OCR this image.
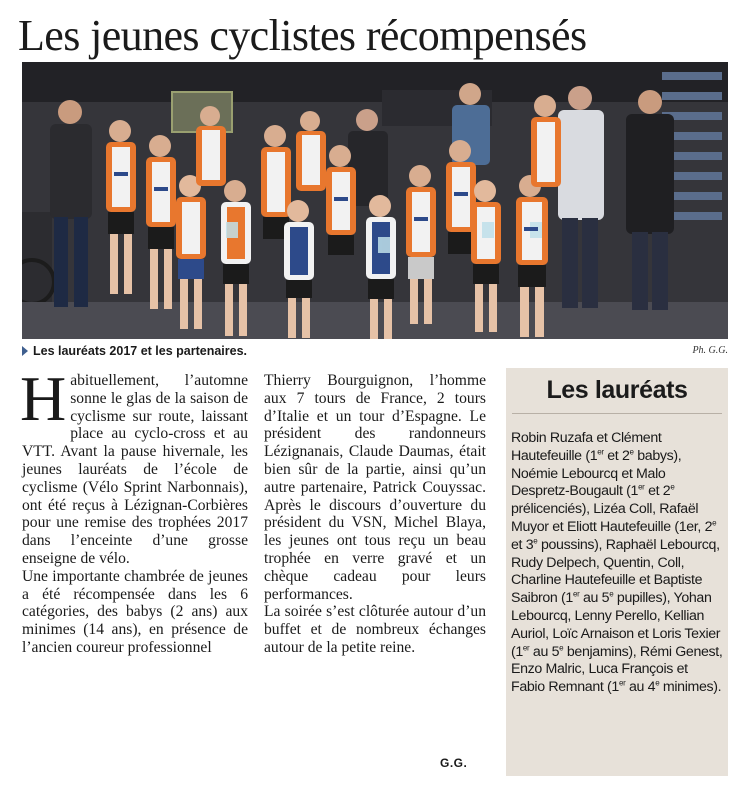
Les jeunes cyclistes récompensés
Les lauréats 2017 et les partenaires.	Ph. G.G.
H abituellement, l’automne sonne le glas de la saison de cyclisme sur route, laissant place au cyclo-cross et au VTT. Avant la pause hivernale, les jeunes lauréats de l’école de cyclisme (Vélo Sprint Narbonnais), ont été reçus à Lézignan-Corbières pour une remise des trophées 2017 dans l’enceinte d’une grosse enseigne de vélo.

Une importante chambrée de jeunes a été récompensée dans les 6 catégories, des babys (2 ans) aux minimes (14 ans), en présence de l’ancien coureur professionnel

Thierry Bourguignon, l’homme aux 7 tours de France, 2 tours d’Italie et un tour d’Espagne. Le président des randonneurs Lézignanais, Claude Daumas, était bien sûr de la partie, ainsi qu’un autre partenaire, Patrick Couyssac. Après le discours d’ouverture du président du VSN, Michel Blaya, les jeunes ont tous reçu un beau trophée en verre gravé et un chèque cadeau pour leurs performances.

La soirée s’est clôturée autour d’un buffet et de nombreux échanges autour de la petite reine.

G.G.
Les lauréats
Robin Ruzafa et Clément Hautefeuille (1er et 2e babys), Noémie Lebourcq et Malo Despretz-Bougault (1er et 2e prélicenciés), Lizéa Coll, Rafaël Muyor et Eliott Hautefeuille (1er, 2e et 3e poussins), Raphaël Lebourcq, Rudy Delpech, Quentin, Coll, Charline Hautefeuille et Baptiste Saibron (1er au 5e pupilles), Yohan Lebourcq, Lenny Perello, Kellian Auriol, Loïc Arnaison et Loris Texier (1er au 5e benjamins), Rémi Genest, Enzo Malric, Luca François et Fabio Remnant (1er au 4e minimes).
